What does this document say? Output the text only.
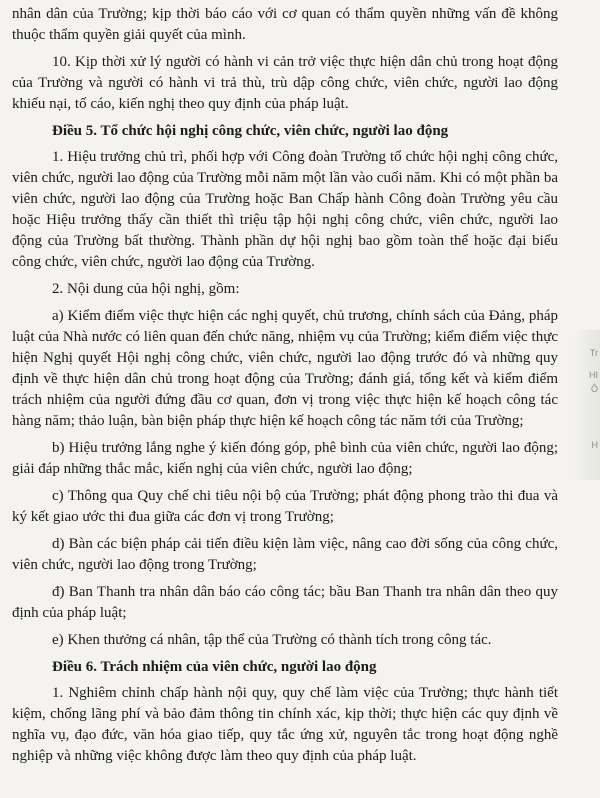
nhân dân của Trường; kịp thời báo cáo với cơ quan có thẩm quyền những vấn đề không thuộc thẩm quyền giải quyết của mình.

10. Kịp thời xử lý người có hành vi cản trở việc thực hiện dân chủ trong hoạt động của Trường và người có hành vi trả thù, trù dập công chức, viên chức, người lao động khiếu nại, tố cáo, kiến nghị theo quy định của pháp luật.

Điều 5. Tổ chức hội nghị công chức, viên chức, người lao động

1. Hiệu trưởng chủ trì, phối hợp với Công đoàn Trường tổ chức hội nghị công chức, viên chức, người lao động của Trường mỗi năm một lần vào cuối năm. Khi có một phần ba viên chức, người lao động của Trường hoặc Ban Chấp hành Công đoàn Trường yêu cầu hoặc Hiệu trưởng thấy cần thiết thì triệu tập hội nghị công chức, viên chức, người lao động của Trường bất thường. Thành phần dự hội nghị bao gồm toàn thể hoặc đại biểu công chức, viên chức, người lao động của Trường.

2. Nội dung của hội nghị, gồm:

a) Kiểm điểm việc thực hiện các nghị quyết, chủ trương, chính sách của Đảng, pháp luật của Nhà nước có liên quan đến chức năng, nhiệm vụ của Trường; kiểm điểm việc thực hiện Nghị quyết Hội nghị công chức, viên chức, người lao động trước đó và những quy định về thực hiện dân chủ trong hoạt động của Trường; đánh giá, tổng kết và kiểm điểm trách nhiệm của người đứng đầu cơ quan, đơn vị trong việc thực hiện kế hoạch công tác hàng năm; thảo luận, bàn biện pháp thực hiện kế hoạch công tác năm tới của Trường;

b) Hiệu trưởng lắng nghe ý kiến đóng góp, phê bình của viên chức, người lao động; giải đáp những thắc mắc, kiến nghị của viên chức, người lao động;

c) Thông qua Quy chế chi tiêu nội bộ của Trường; phát động phong trào thi đua và ký kết giao ước thi đua giữa các đơn vị trong Trường;

d) Bàn các biện pháp cải tiến điều kiện làm việc, nâng cao đời sống của công chức, viên chức, người lao động trong Trường;

đ) Ban Thanh tra nhân dân báo cáo công tác; bầu Ban Thanh tra nhân dân theo quy định của pháp luật;

e) Khen thưởng cá nhân, tập thể của Trường có thành tích trong công tác.

Điều 6. Trách nhiệm của viên chức, người lao động

1. Nghiêm chỉnh chấp hành nội quy, quy chế làm việc của Trường; thực hành tiết kiệm, chống lãng phí và bảo đảm thông tin chính xác, kịp thời; thực hiện các quy định về nghĩa vụ, đạo đức, văn hóa giao tiếp, quy tắc ứng xử, nguyên tắc trong hoạt động nghề nghiệp và những việc không được làm theo quy định của pháp luật.

Tr
HI
Ô
H
